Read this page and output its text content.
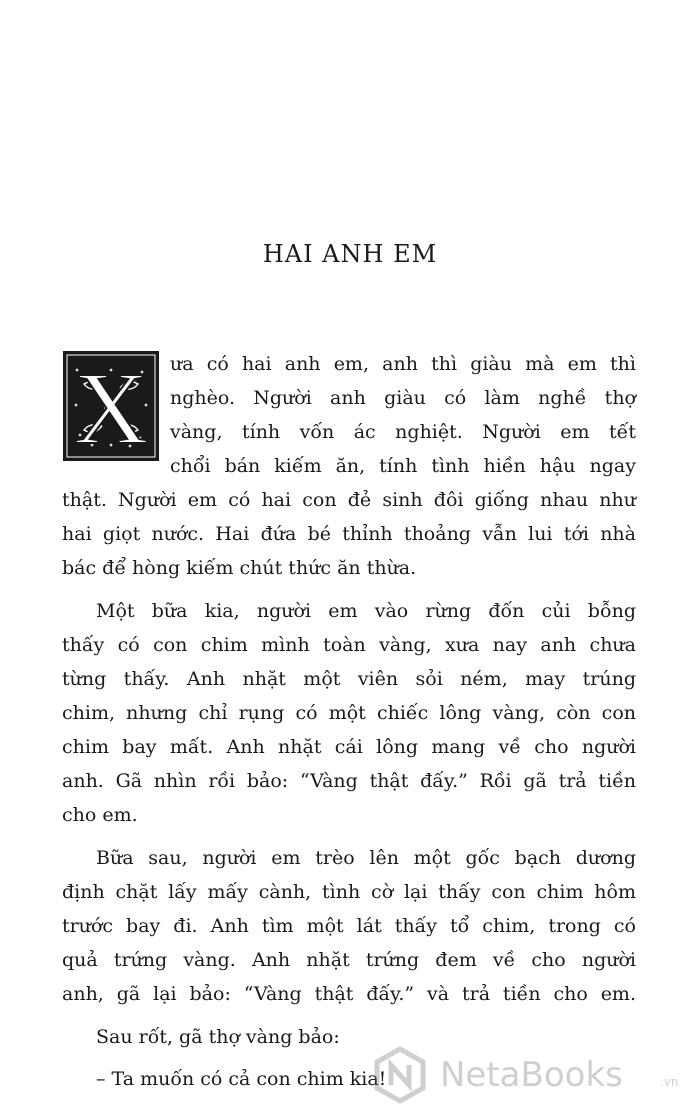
HAI ANH EM
X ưa có hai anh em, anh thì giàu mà em thì
nghèo. Người anh giàu có làm nghề thợ
vàng, tính vốn ác nghiệt. Người em tết
chổi bán kiếm ăn, tính tình hiền hậu ngay
thật. Người em có hai con đẻ sinh đôi giống nhau như
hai giọt nước. Hai đứa bé thỉnh thoảng vẫn lui tới nhà
bác để hòng kiếm chút thức ăn thừa.
Một bữa kia, người em vào rừng đốn củi bỗng
thấy có con chim mình toàn vàng, xưa nay anh chưa
từng thấy. Anh nhặt một viên sỏi ném, may trúng
chim, nhưng chỉ rụng có một chiếc lông vàng, còn con
chim bay mất. Anh nhặt cái lông mang về cho người
anh. Gã nhìn rồi bảo: “Vàng thật đấy.” Rồi gã trả tiền
cho em.
Bữa sau, người em trèo lên một gốc bạch dương
định chặt lấy mấy cành, tình cờ lại thấy con chim hôm
trước bay đi. Anh tìm một lát thấy tổ chim, trong có
quả trứng vàng. Anh nhặt trứng đem về cho người
anh, gã lại bảo: “Vàng thật đấy.” và trả tiền cho em.
Sau rốt, gã thợ vàng bảo:
– Ta muốn có cả con chim kia! NetaBooks	.vn
